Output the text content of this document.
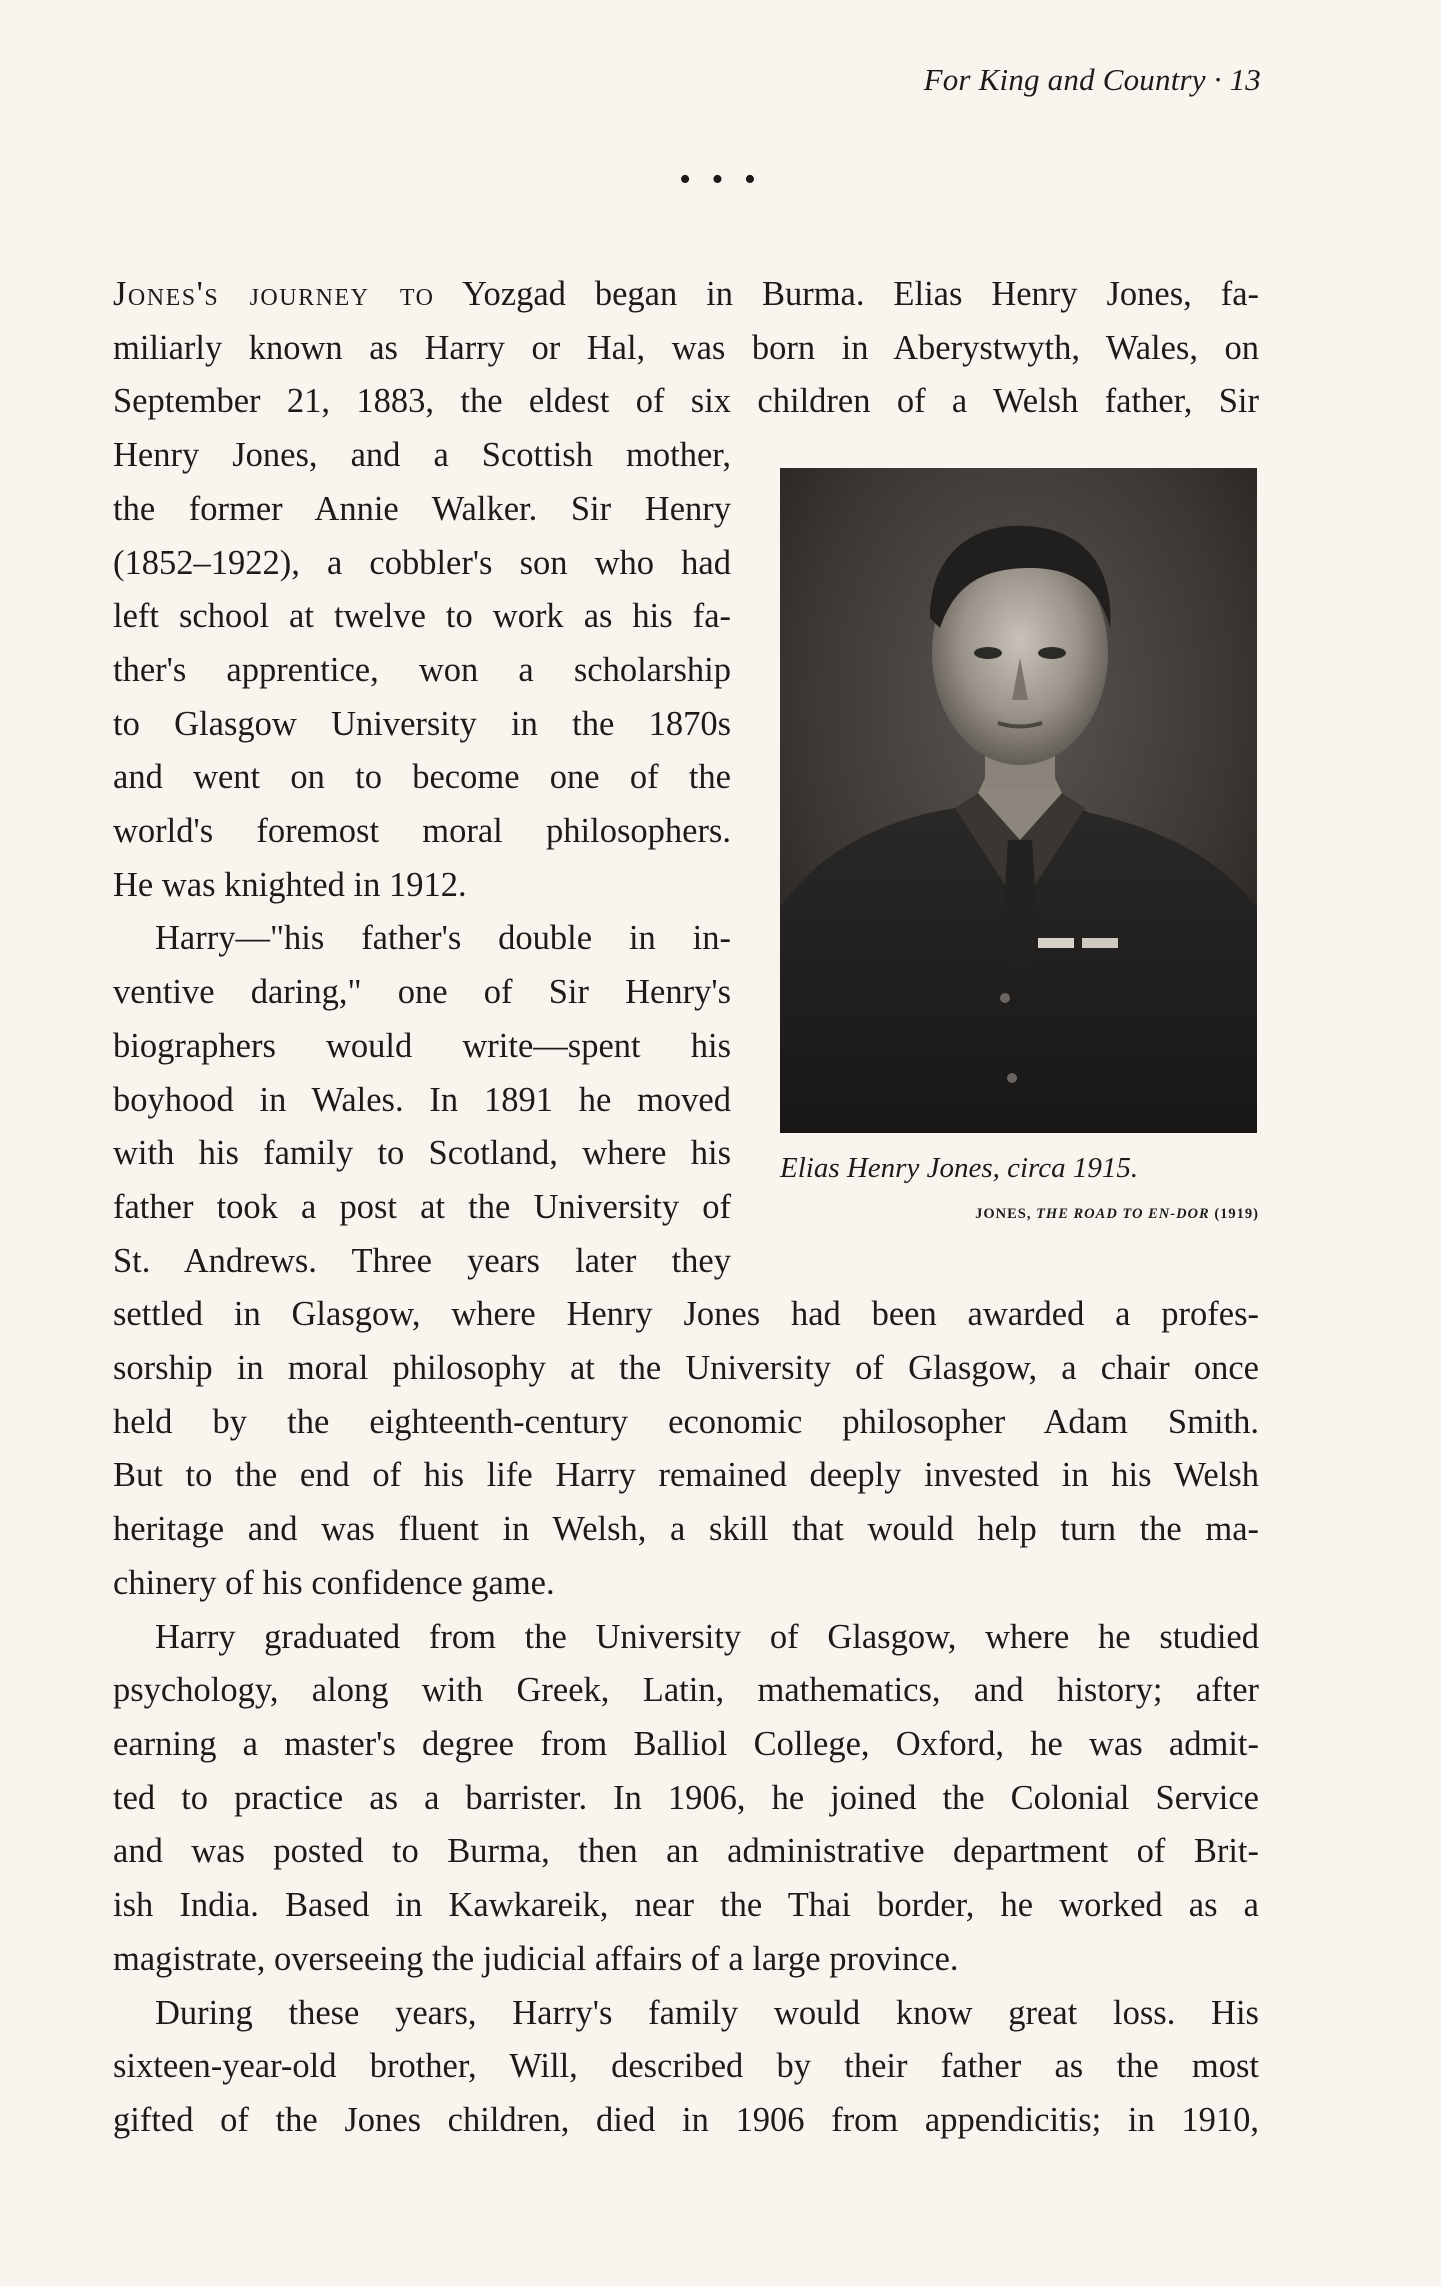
For King and Country · 13
• • •
Elias Henry Jones, circa 1915.
JONES, THE ROAD TO EN-DOR (1919)
Jones's journey to Yozgad began in Burma. Elias Henry Jones, fa-
miliarly known as Harry or Hal, was born in Aberystwyth, Wales, on
September 21, 1883, the eldest of six children of a Welsh father, Sir
Henry Jones, and a Scottish mother,
the former Annie Walker. Sir Henry
(1852–1922), a cobbler's son who had
left school at twelve to work as his fa-
ther's apprentice, won a scholarship
to Glasgow University in the 1870s
and went on to become one of the
world's foremost moral philosophers.
He was knighted in 1912.
Harry—"his father's double in in-
ventive daring," one of Sir Henry's
biographers would write—spent his
boyhood in Wales. In 1891 he moved
with his family to Scotland, where his
father took a post at the University of
St. Andrews. Three years later they
settled in Glasgow, where Henry Jones had been awarded a profes-
sorship in moral philosophy at the University of Glasgow, a chair once
held by the eighteenth-century economic philosopher Adam Smith.
But to the end of his life Harry remained deeply invested in his Welsh
heritage and was fluent in Welsh, a skill that would help turn the ma-
chinery of his confidence game.
Harry graduated from the University of Glasgow, where he studied
psychology, along with Greek, Latin, mathematics, and history; after
earning a master's degree from Balliol College, Oxford, he was admit-
ted to practice as a barrister. In 1906, he joined the Colonial Service
and was posted to Burma, then an administrative department of Brit-
ish India. Based in Kawkareik, near the Thai border, he worked as a
magistrate, overseeing the judicial affairs of a large province.
During these years, Harry's family would know great loss. His
sixteen-year-old brother, Will, described by their father as the most
gifted of the Jones children, died in 1906 from appendicitis; in 1910,
